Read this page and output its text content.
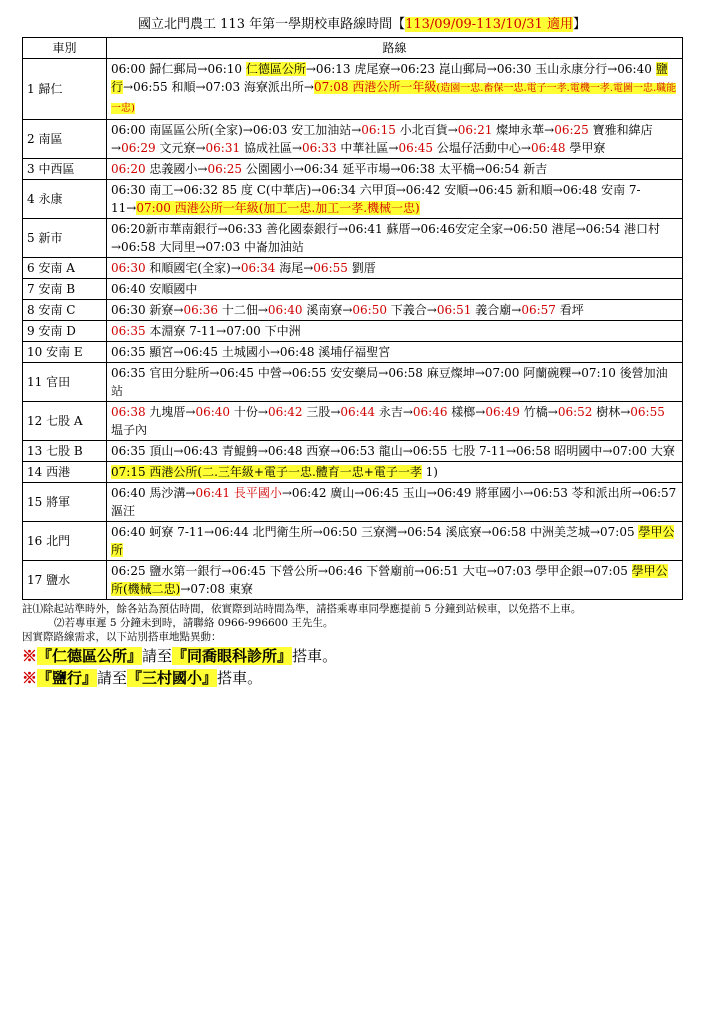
國立北門農工 113 年第一學期校車路線時間【113/09/09-113/10/31 適用】
車別	路線
1 歸仁	06:00 歸仁郵局→06:10 仁德區公所→06:13 虎尾寮→06:23 崑山郵局→06:30 玉山永康分行→06:40 鹽行→06:55 和順→07:03 海寮派出所→07:08 西港公所一年級(造園一忠.畜保一忠.電子一孝.電機一孝.電圖一忠.職能一忠)
2 南區	06:00 南區區公所(全家)→06:03 安工加油站→06:15 小北百貨→06:21 燦坤永華→06:25 寶雅和緯店→06:29 文元寮→06:31 協成社區→06:33 中華社區→06:45 公塭仔活動中心→06:48 學甲寮
3 中西區	06:20 忠義國小→06:25 公園國小→06:34 延平市場→06:38 太平橋→06:54 新吉
4 永康	06:30 南工→06:32 85 度 C(中華店)→06:34 六甲頂→06:42 安順→06:45 新和順→06:48 安南 7-11→07:00 西港公所一年級(加工一忠.加工一孝.機械一忠)
5 新市	06:20新市華南銀行→06:33 善化國泰銀行→06:41 蘇厝→06:46安定全家→06:50 港尾→06:54 港口村→06:58 大同里→07:03 中崙加油站
6 安南 A	06:30 和順國宅(全家)→06:34 海尾→06:55 劉厝
7 安南 B	06:40 安順國中
8 安南 C	06:30 新寮→06:36 十二佃→06:40 溪南寮→06:50 下義合→06:51 義合廟→06:57 看坪
9 安南 D	06:35 本淵寮 7-11→07:00 下中洲
10 安南 E	06:35 顯宮→06:45 土城國小→06:48 溪埔仔福聖宮
11 官田	06:35 官田分駐所→06:45 中營→06:55 安安藥局→06:58 麻豆燦坤→07:00 阿蘭碗粿→07:10 後營加油站
12 七股 A	06:38 九塊厝→06:40 十份→06:42 三股→06:44 永吉→06:46 樣榔→06:49 竹橋→06:52 樹林→06:55 塭子內
13 七股 B	06:35 頂山→06:43 青鯤鯓→06:48 西寮→06:53 龍山→06:55 七股 7-11→06:58 昭明國中→07:00 大寮
14 西港	07:15 西港公所(二.三年級+電子一忠.體育一忠+電子一孝 1)
15 將軍	06:40 馬沙溝→06:41 長平國小→06:42 廣山→06:45 玉山→06:49 將軍國小→06:53 苓和派出所→06:57 漚汪
16 北門	06:40 蚵寮 7-11→06:44 北門衛生所→06:50 三寮灣→06:54 溪底寮→06:58 中洲美芝城→07:05 學甲公所
17 鹽水	06:25 鹽水第一銀行→06:45 下營公所→06:46 下營廟前→06:51 大屯→07:03 學甲企銀→07:05 學甲公所(機械二忠)→07:08 東寮
註⑴除起站準時外，餘各站為預估時間，依實際到站時間為準，請搭乘專車同學應提前 5 分鐘到站候車，以免搭不上車。
⑵若專車遲 5 分鐘未到時，請聯絡 0966-996600 王先生。
因實際路線需求，以下站別搭車地點異動：
※『仁德區公所』請至『同喬眼科診所』搭車。
※『鹽行』請至『三村國小』搭車。
